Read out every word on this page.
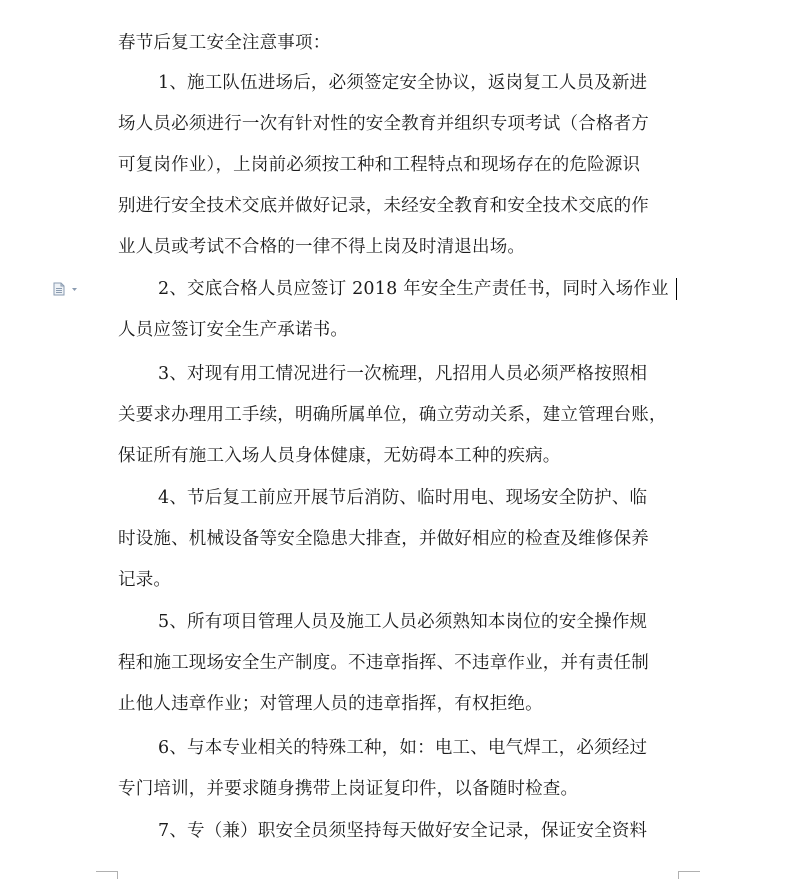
春节后复工安全注意事项：
1、施工队伍进场后，必须签定安全协议，返岗复工人员及新进
场人员必须进行一次有针对性的安全教育并组织专项考试（合格者方
可复岗作业），上岗前必须按工种和工程特点和现场存在的危险源识
别进行安全技术交底并做好记录，未经安全教育和安全技术交底的作
业人员或考试不合格的一律不得上岗及时清退出场。
2、交底合格人员应签订 2018 年安全生产责任书，同时入场作业
人员应签订安全生产承诺书。
3、对现有用工情况进行一次梳理，凡招用人员必须严格按照相
关要求办理用工手续，明确所属单位，确立劳动关系，建立管理台账，
保证所有施工入场人员身体健康，无妨碍本工种的疾病。
4、节后复工前应开展节后消防、临时用电、现场安全防护、临
时设施、机械设备等安全隐患大排查，并做好相应的检查及维修保养
记录。
5、所有项目管理人员及施工人员必须熟知本岗位的安全操作规
程和施工现场安全生产制度。不违章指挥、不违章作业，并有责任制
止他人违章作业；对管理人员的违章指挥，有权拒绝。
6、与本专业相关的特殊工种，如：电工、电气焊工，必须经过
专门培训，并要求随身携带上岗证复印件，以备随时检查。
7、专（兼）职安全员须坚持每天做好安全记录，保证安全资料
